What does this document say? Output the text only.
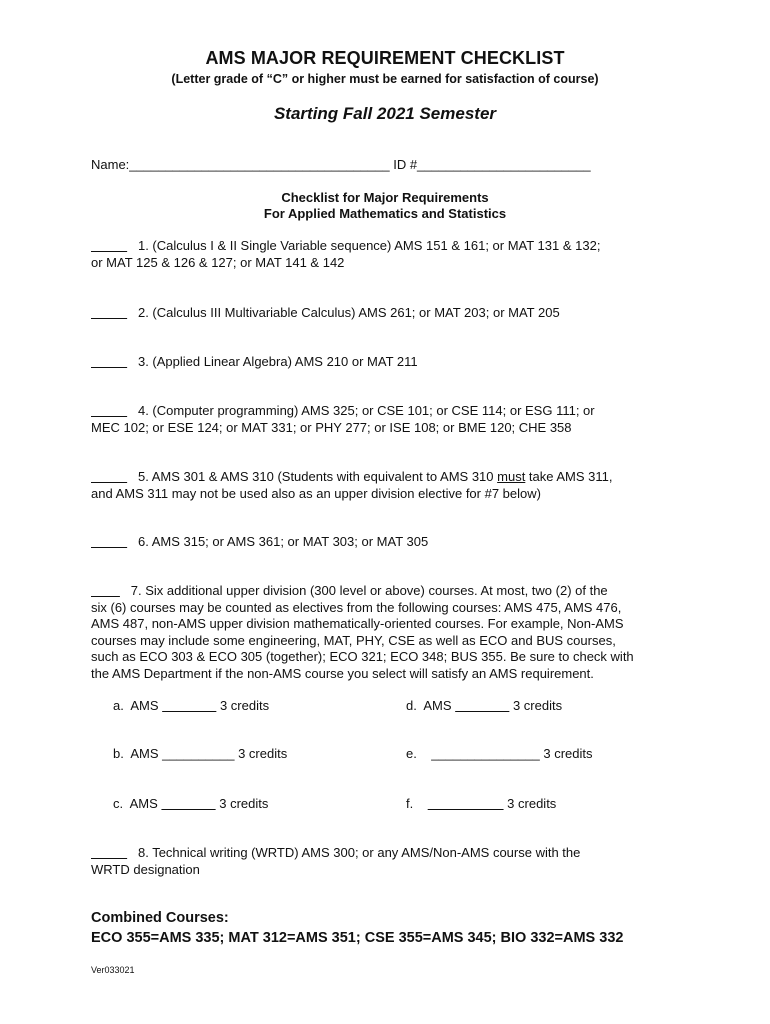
AMS MAJOR REQUIREMENT CHECKLIST
(Letter grade of “C” or higher must be earned for satisfaction of course)
Starting Fall 2021 Semester
Name:____________________________________ ID #________________________
Checklist for Major Requirements
For Applied Mathematics and Statistics
1. (Calculus I & II Single Variable sequence) AMS 151 & 161; or MAT 131 & 132;
or MAT 125 & 126 & 127; or MAT 141 & 142
2. (Calculus III Multivariable Calculus) AMS 261; or MAT 203; or MAT 205
3. (Applied Linear Algebra) AMS 210 or MAT 211
4. (Computer programming) AMS 325; or CSE 101; or CSE 114; or ESG 111; or
MEC 102; or ESE 124; or MAT 331; or PHY 277; or ISE 108; or BME 120; CHE 358
5. AMS 301 & AMS 310 (Students with equivalent to AMS 310 must take AMS 311,
and AMS 311 may not be used also as an upper division elective for #7 below)
6. AMS 315; or AMS 361; or MAT 303; or MAT 305
7. Six additional upper division (300 level or above) courses. At most, two (2) of the
six (6) courses may be counted as electives from the following courses: AMS 475, AMS 476,
AMS 487, non-AMS upper division mathematically-oriented courses. For example, Non-AMS
courses may include some engineering, MAT, PHY, CSE as well as ECO and BUS courses,
such as ECO 303 & ECO 305 (together); ECO 321; ECO 348; BUS 355. Be sure to check with
the AMS Department if the non-AMS course you select will satisfy an AMS requirement.
a. AMS	3 credits	d. AMS	3 credits
b. AMS __________ 3 credits	e. _______________ 3 credits
c. AMS	3 credits	f.	3 credits
8. Technical writing (WRTD) AMS 300; or any AMS/Non-AMS course with the
WRTD designation
Combined Courses:
ECO 355=AMS 335; MAT 312=AMS 351; CSE 355=AMS 345; BIO 332=AMS 332
Ver033021
